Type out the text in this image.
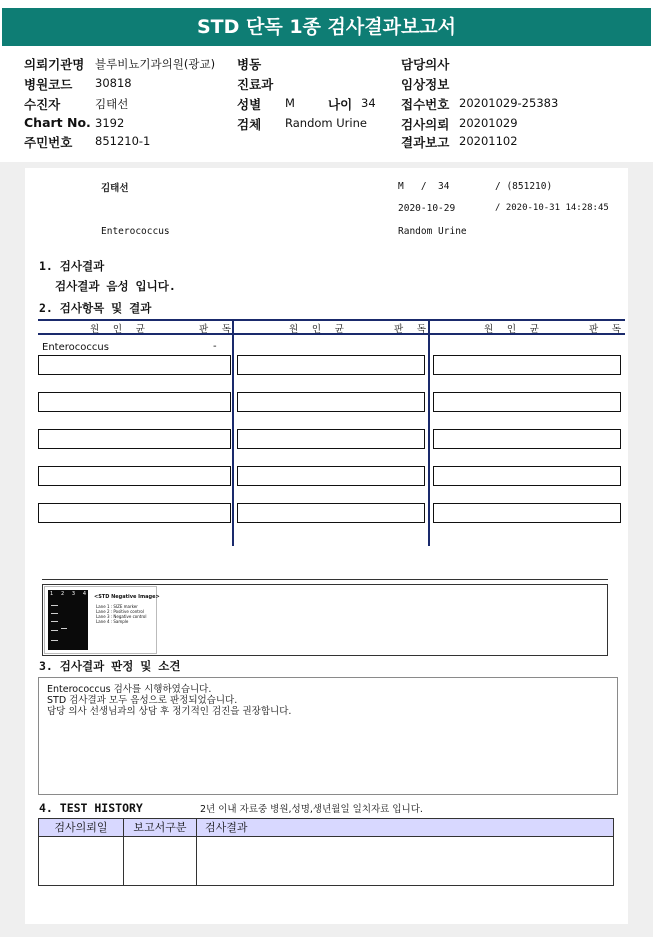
STD 단독 1종 검사결과보고서
의뢰기관명 블루비뇨기과의원(광교) 병동	담당의사
병원코드 30818	진료과	임상정보
수진자	김태선	성별 M	나이 34 접수번호 20201029-25383
Chart No. 3192	검체 Random Urine	검사의뢰 20201029
주민번호 851210-1	결과보고 20201102
김태선	M   /  34	/ (851210)
2020-10-29	/ 2020-10-31 14:28:45
Enterococcus	Random Urine
1. 검사결과
검사결과 음성 입니다.
2. 검사항목 및 결과
원 인 균	판 독	원 인 균	판 독	원 인 균	판 독
Enterococcus	-
1 2 3 4 <STD Negative Image>
Lane 1 : SIZE marker
Lane 2 : Positive control
Lane 3 : Negative control
Lane 4 : Sample
3. 검사결과 판정 및 소견
Enterococcus 검사를 시행하였습니다.
STD 검사결과 모두 음성으로 판정되었습니다.
담당 의사 선생님과의 상담 후 정기적인 검진을 권장합니다.
4. TEST HISTORY	2년 이내 자료중 병원,성명,생년월일 일치자료 입니다.
검사의뢰일	보고서구분	검사결과
